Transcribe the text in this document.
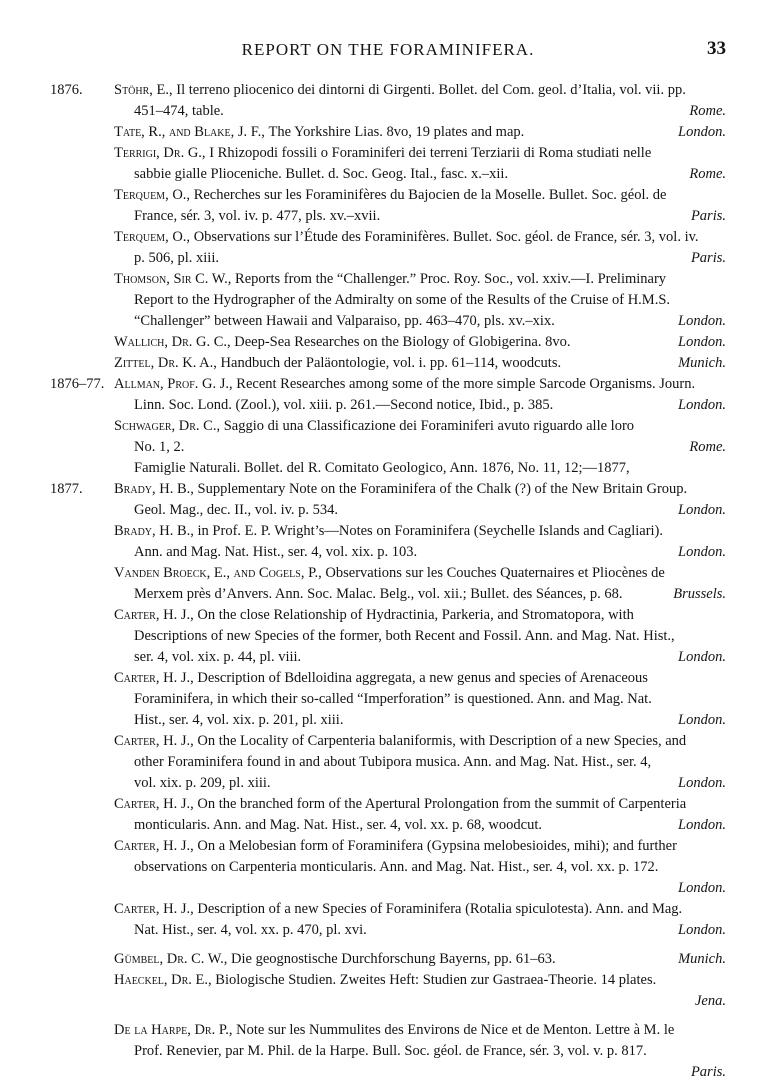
REPORT ON THE FORAMINIFERA.	33
1876. Stöhr, E., Il terreno pliocenico dei dintorni di Girgenti. Bollet. del Com. geol. d’Italia, vol. vii. pp.
451–474, table.	Rome.
Tate, R., and Blake, J. F., The Yorkshire Lias. 8vo, 19 plates and map.	London.
Terrigi, Dr. G., I Rhizopodi fossili o Foraminiferi dei terreni Terziarii di Roma studiati nelle
sabbie gialle Plioceniche. Bullet. d. Soc. Geog. Ital., fasc. x.–xii.	Rome.
Terquem, O., Recherches sur les Foraminifères du Bajocien de la Moselle. Bullet. Soc. géol. de
France, sér. 3, vol. iv. p. 477, pls. xv.–xvii.	Paris.
Terquem, O., Observations sur l’Étude des Foraminifères. Bullet. Soc. géol. de France, sér. 3, vol. iv.
p. 506, pl. xiii.	Paris.
Thomson, Sir C. W., Reports from the “Challenger.” Proc. Roy. Soc., vol. xxiv.—I. Preliminary
Report to the Hydrographer of the Admiralty on some of the Results of the Cruise of H.M.S.
“Challenger” between Hawaii and Valparaiso, pp. 463–470, pls. xv.–xix.	London.
Wallich, Dr. G. C., Deep-Sea Researches on the Biology of Globigerina. 8vo.	London.
Zittel, Dr. K. A., Handbuch der Paläontologie, vol. i. pp. 61–114, woodcuts.	Munich.
1876–77. Allman, Prof. G. J., Recent Researches among some of the more simple Sarcode Organisms. Journ.
Linn. Soc. Lond. (Zool.), vol. xiii. p. 261.—Second notice, Ibid., p. 385.	London.
Schwager, Dr. C., Saggio di una Classificazione dei Foraminiferi avuto riguardo alle loro
No. 1, 2.	Rome.
Famiglie Naturali. Bollet. del R. Comitato Geologico, Ann. 1876, No. 11, 12;—1877,
1877. Brady, H. B., Supplementary Note on the Foraminifera of the Chalk (?) of the New Britain Group.
Geol. Mag., dec. II., vol. iv. p. 534.	London.
Brady, H. B., in Prof. E. P. Wright’s—Notes on Foraminifera (Seychelle Islands and Cagliari).
Ann. and Mag. Nat. Hist., ser. 4, vol. xix. p. 103.	London.
Vanden Broeck, E., and Cogels, P., Observations sur les Couches Quaternaires et Pliocènes de
Merxem près d’Anvers. Ann. Soc. Malac. Belg., vol. xii.; Bullet. des Séances, p. 68.	Brussels.
Carter, H. J., On the close Relationship of Hydractinia, Parkeria, and Stromatopora, with
Descriptions of new Species of the former, both Recent and Fossil. Ann. and Mag. Nat. Hist.,
ser. 4, vol. xix. p. 44, pl. viii.	London.
Carter, H. J., Description of Bdelloidina aggregata, a new genus and species of Arenaceous
Foraminifera, in which their so-called “Imperforation” is questioned. Ann. and Mag. Nat.
Hist., ser. 4, vol. xix. p. 201, pl. xiii.	London.
Carter, H. J., On the Locality of Carpenteria balaniformis, with Description of a new Species, and
other Foraminifera found in and about Tubipora musica. Ann. and Mag. Nat. Hist., ser. 4,
vol. xix. p. 209, pl. xiii.	London.
Carter, H. J., On the branched form of the Apertural Prolongation from the summit of Carpenteria
monticularis. Ann. and Mag. Nat. Hist., ser. 4, vol. xx. p. 68, woodcut.	London.
Carter, H. J., On a Melobesian form of Foraminifera (Gypsina melobesioides, mihi); and further
observations on Carpenteria monticularis. Ann. and Mag. Nat. Hist., ser. 4, vol. xx. p. 172.
London.
Carter, H. J., Description of a new Species of Foraminifera (Rotalia spiculotesta). Ann. and Mag.
Nat. Hist., ser. 4, vol. xx. p. 470, pl. xvi.	London.
Gümbel, Dr. C. W., Die geognostische Durchforschung Bayerns, pp. 61–63.	Munich.
Haeckel, Dr. E., Biologische Studien. Zweites Heft: Studien zur Gastraea-Theorie. 14 plates.
Jena.
De la Harpe, Dr. P., Note sur les Nummulites des Environs de Nice et de Menton. Lettre à M. le
Prof. Renevier, par M. Phil. de la Harpe. Bull. Soc. géol. de France, sér. 3, vol. v. p. 817.
Paris.
